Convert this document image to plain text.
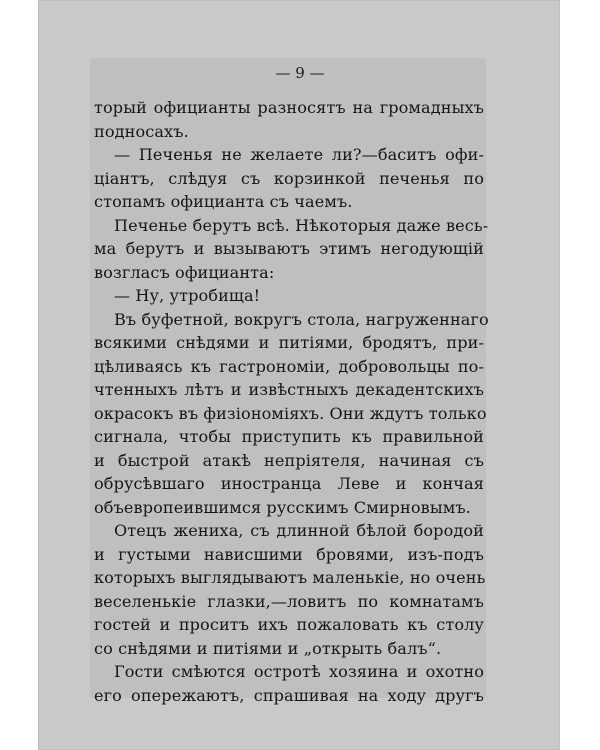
— 9 —
торый официанты разносятъ на громадныхъ
подносахъ.
— Печенья не желаете ли?—баситъ офи-
ціантъ, слѣдуя съ корзинкой печенья по
стопамъ официанта съ чаемъ.
Печенье берутъ всѣ. Нѣкоторыя даже весь-
ма берутъ и вызываютъ этимъ негодующій
возгласъ официанта:
— Ну, утробища!
Въ буфетной, вокругъ стола, нагруженнаго
всякими снѣдями и питіями, бродятъ, при-
цѣливаясь къ гастрономіи, добровольцы по-
чтенныхъ лѣтъ и извѣстныхъ декадентскихъ
окрасокъ въ физіономіяхъ. Они ждутъ только
сигнала, чтобы приступить къ правильной
и быстрой атакѣ непріятеля, начиная съ
обрусѣвшаго иностранца Леве и кончая
объевропеившимся русскимъ Смирновымъ.
Отецъ жениха, съ длинной бѣлой бородой
и густыми нависшими бровями, изъ-подъ
которыхъ выглядываютъ маленькіе, но очень
веселенькіе глазки,—ловитъ по комнатамъ
гостей и проситъ ихъ пожаловать къ столу
со снѣдями и питіями и „открыть балъ“.
Гости смѣются остротѣ хозяина и охотно
его опережаютъ, спрашивая на ходу другъ
